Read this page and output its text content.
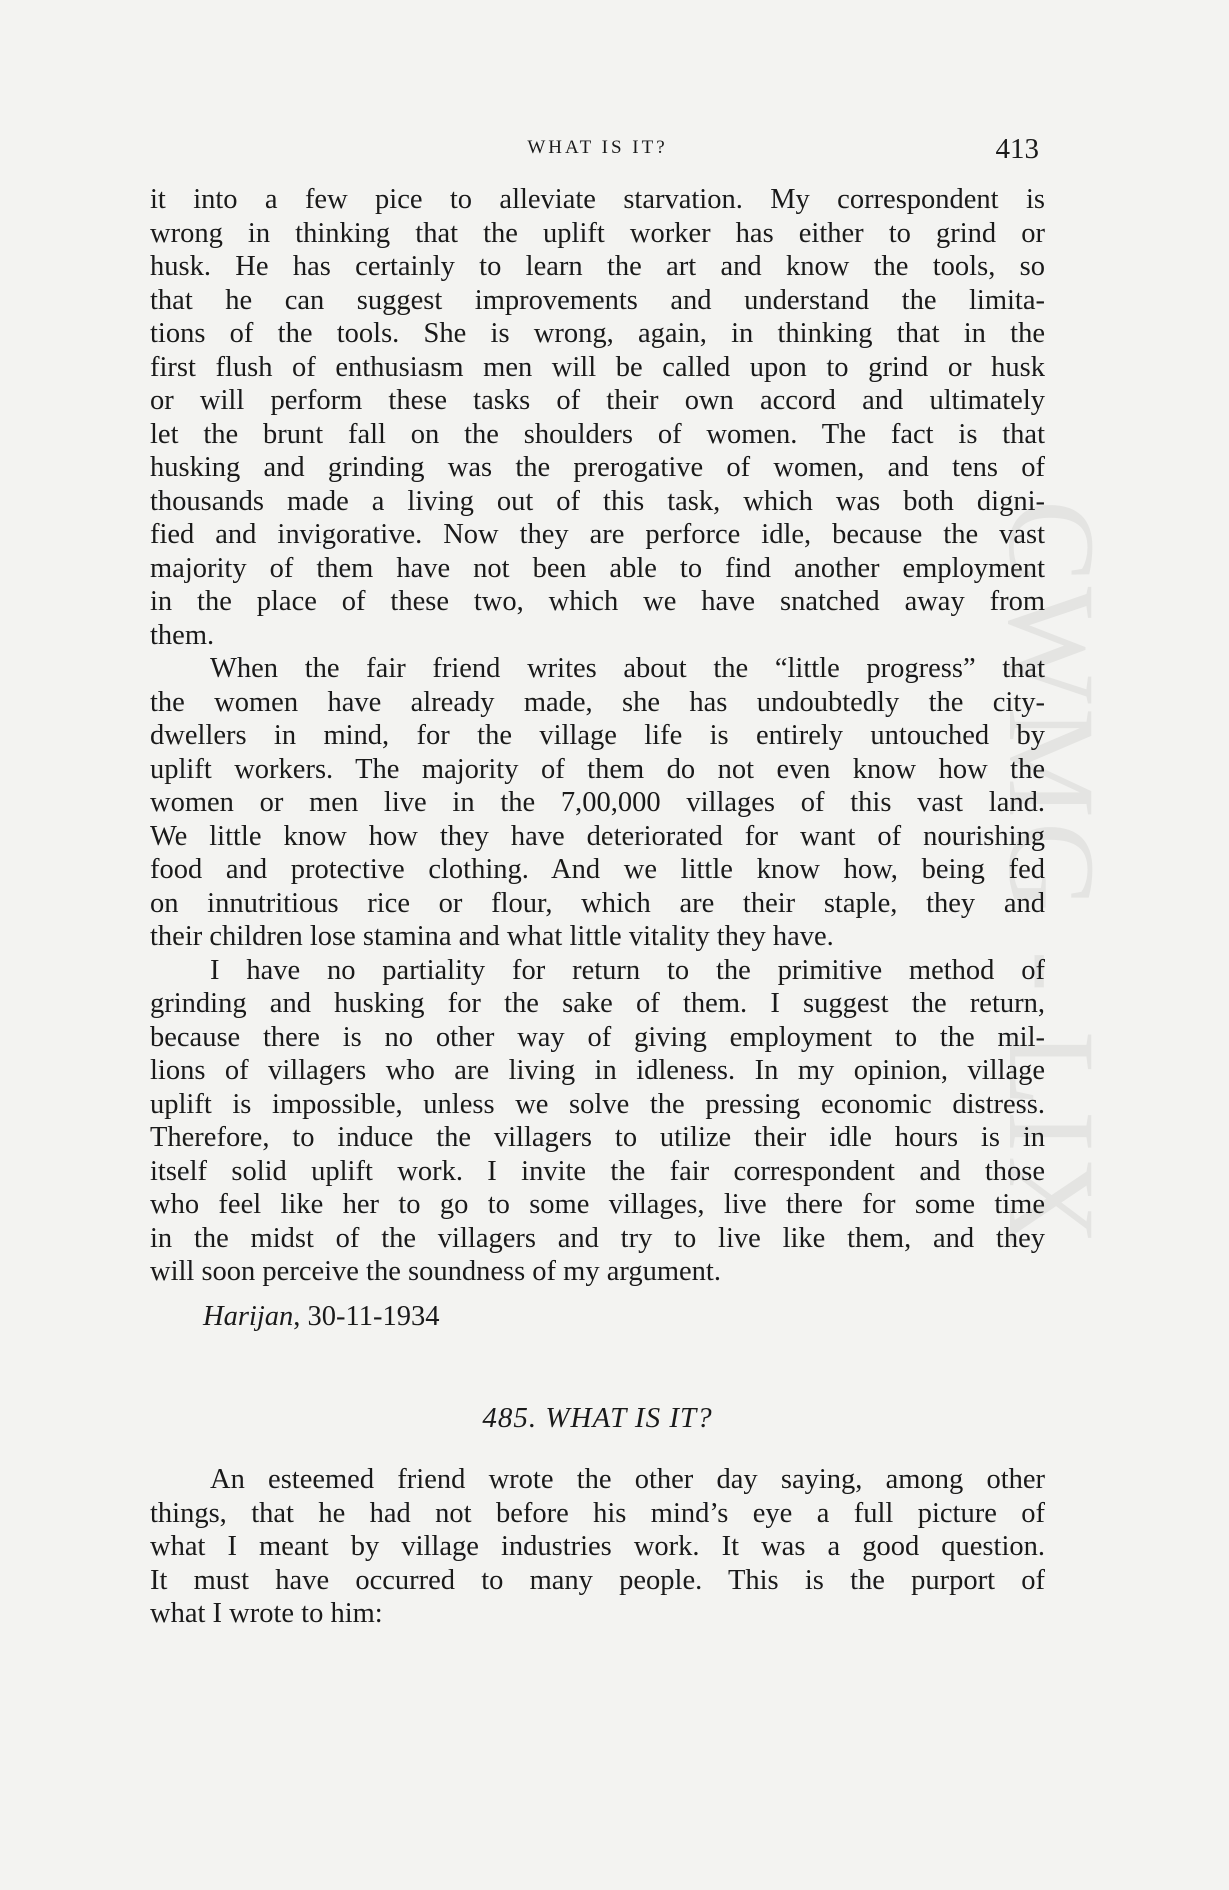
CWMG - LIX
WHAT IS IT?	413
it into a few pice to alleviate starvation. My correspondent is
wrong in thinking that the uplift worker has either to grind or
husk. He has certainly to learn the art and know the tools, so
that he can suggest improvements and understand the limita-
tions of the tools. She is wrong, again, in thinking that in the
first flush of enthusiasm men will be called upon to grind or husk
or will perform these tasks of their own accord and ultimately
let the brunt fall on the shoulders of women. The fact is that
husking and grinding was the prerogative of women, and tens of
thousands made a living out of this task, which was both digni-
fied and invigorative. Now they are perforce idle, because the vast
majority of them have not been able to find another employment
in the place of these two, which we have snatched away from
them.
When the fair friend writes about the “little progress” that
the women have already made, she has undoubtedly the city-
dwellers in mind, for the village life is entirely untouched by
uplift workers. The majority of them do not even know how the
women or men live in the 7,00,000 villages of this vast land.
We little know how they have deteriorated for want of nourishing
food and protective clothing. And we little know how, being fed
on innutritious rice or flour, which are their staple, they and
their children lose stamina and what little vitality they have.
I have no partiality for return to the primitive method of
grinding and husking for the sake of them. I suggest the return,
because there is no other way of giving employment to the mil-
lions of villagers who are living in idleness. In my opinion, village
uplift is impossible, unless we solve the pressing economic distress.
Therefore, to induce the villagers to utilize their idle hours is in
itself solid uplift work. I invite the fair correspondent and those
who feel like her to go to some villages, live there for some time
in the midst of the villagers and try to live like them, and they
will soon perceive the soundness of my argument.
Harijan, 30-11-1934
485. WHAT IS IT?
An esteemed friend wrote the other day saying, among other
things, that he had not before his mind’s eye a full picture of
what I meant by village industries work. It was a good question.
It must have occurred to many people. This is the purport of
what I wrote to him:
